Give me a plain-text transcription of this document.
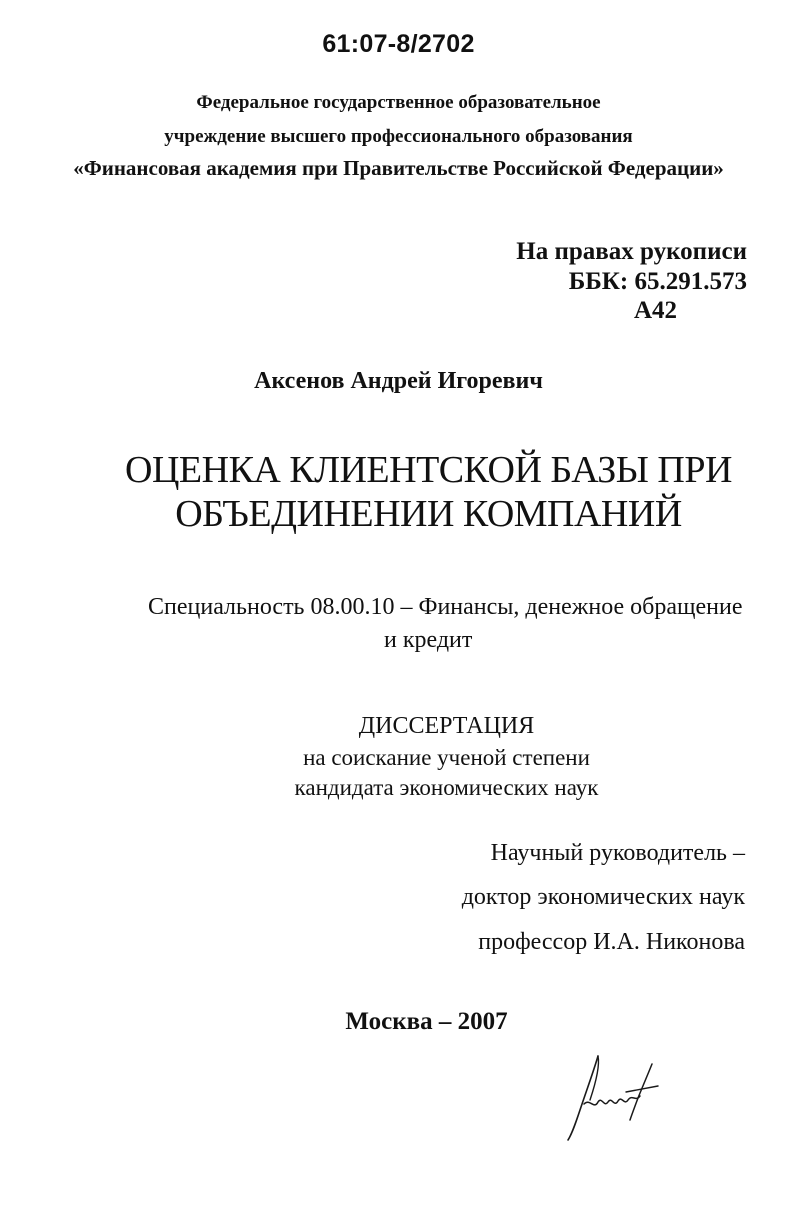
61:07-8/2702
Федеральное государственное образовательное
учреждение высшего профессионального образования
«Финансовая академия при Правительстве Российской Федерации»
На правах рукописи
ББК: 65.291.573
А42
Аксенов Андрей Игоревич
ОЦЕНКА КЛИЕНТСКОЙ БАЗЫ ПРИ
ОБЪЕДИНЕНИИ КОМПАНИЙ
Специальность 08.00.10 – Финансы, денежное обращение
и кредит
ДИССЕРТАЦИЯ
на соискание ученой степени
кандидата экономических наук
Научный руководитель –
доктор экономических наук
профессор И.А. Никонова
Москва – 2007
